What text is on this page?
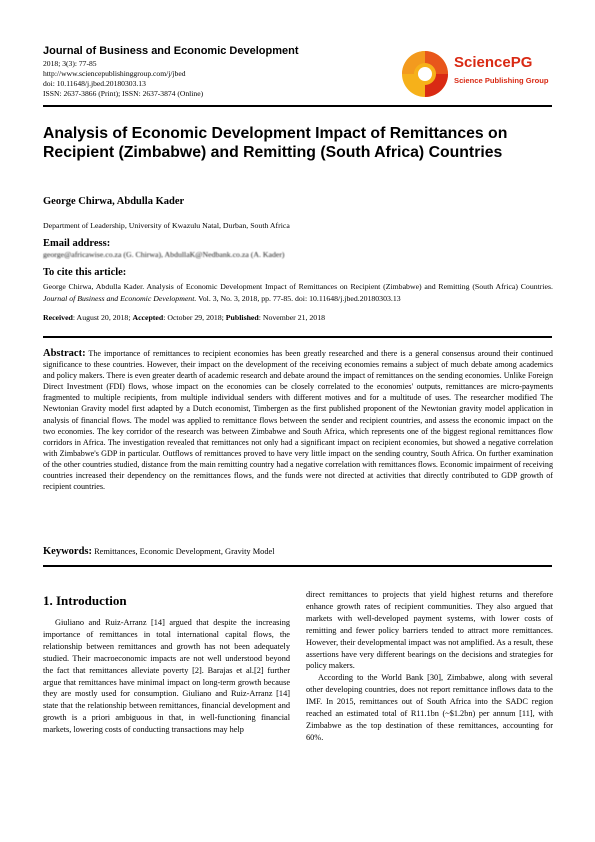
Journal of Business and Economic Development
2018; 3(3): 77-85
http://www.sciencepublishinggroup.com/j/jbed
doi: 10.11648/j.jbed.20180303.13
ISSN: 2637-3866 (Print); ISSN: 2637-3874 (Online)
SciencePG
Science Publishing Group
Analysis of Economic Development Impact of Remittances on Recipient (Zimbabwe) and Remitting (South Africa) Countries
George Chirwa, Abdulla Kader
Department of Leadership, University of Kwazulu Natal, Durban, South Africa
Email address:
george@africawise.co.za (G. Chirwa), AbdullaK@Nedbank.co.za (A. Kader)
To cite this article:
George Chirwa, Abdulla Kader. Analysis of Economic Development Impact of Remittances on Recipient (Zimbabwe) and Remitting (South Africa) Countries. Journal of Business and Economic Development. Vol. 3, No. 3, 2018, pp. 77-85. doi: 10.11648/j.jbed.20180303.13
Received: August 20, 2018; Accepted: October 29, 2018; Published: November 21, 2018
Abstract: The importance of remittances to recipient economies has been greatly researched and there is a general consensus around their continued significance to these countries. However, their impact on the development of the receiving economies remains a subject of much debate among academics and policy makers. There is even greater dearth of academic research and debate around the impact of remittances on the sending economies. Unlike Foreign Direct Investment (FDI) flows, whose impact on the economies can be closely correlated to the economies' outputs, remittances are micro-payments fragmented to multiple recipients, from multiple individual senders with different motives and for a multitude of uses. The researcher modified The Newtonian Gravity model first adapted by a Dutch economist, Timbergen as the first published proponent of the Newtonian gravity model application in analysis of financial flows. The model was applied to remittance flows between the sender and recipient countries, and assess the economic impact on the two economies. The key corridor of the research was between Zimbabwe and South Africa, which represents one of the biggest regional remittances flow corridors in Africa. The investigation revealed that remittances not only had a significant impact on recipient economies, but showed a negative correlation with Zimbabwe's GDP in particular. Outflows of remittances proved to have very little impact on the sending country, South Africa. On further examination of the other countries studied, distance from the main remitting country had a negative correlation with remittances flows. Economic impairment of receiving countries increased their dependency on the remittances flows, and the funds were not directed at activities that directly contributed to GDP growth of recipient countries.
Keywords: Remittances, Economic Development, Gravity Model
1. Introduction

Giuliano and Ruiz-Arranz [14] argued that despite the increasing importance of remittances in total international capital flows, the relationship between remittances and growth has not been adequately studied. Their macroeconomic impacts are not well understood beyond the fact that remittances alleviate poverty [2]. Barajas et al.[2] further argue that remittances have minimal impact on long-term growth because they are mostly used for consumption. Giuliano and Ruiz-Arranz [14] state that the relationship between remittances, financial development and growth is a priori ambiguous in that, in well-functioning financial markets, lowering costs of conducting transactions may help

direct remittances to projects that yield highest returns and therefore enhance growth rates of recipient communities. They also argued that markets with well-developed payment systems, with lower costs of remitting and fewer policy barriers tended to attract more remittances. However, their developmental impact was not amplified. As a result, these assertions have very different bearings on the decisions and strategies for policy makers.

According to the World Bank [30], Zimbabwe, along with several other developing countries, does not report remittance inflows data to the IMF. In 2015, remittances out of South Africa into the SADC region reached an estimated total of R11.1bn (~$1.2bn) per annum [11], with Zimbabwe as the top destination of these remittances, accounting for 60%.
